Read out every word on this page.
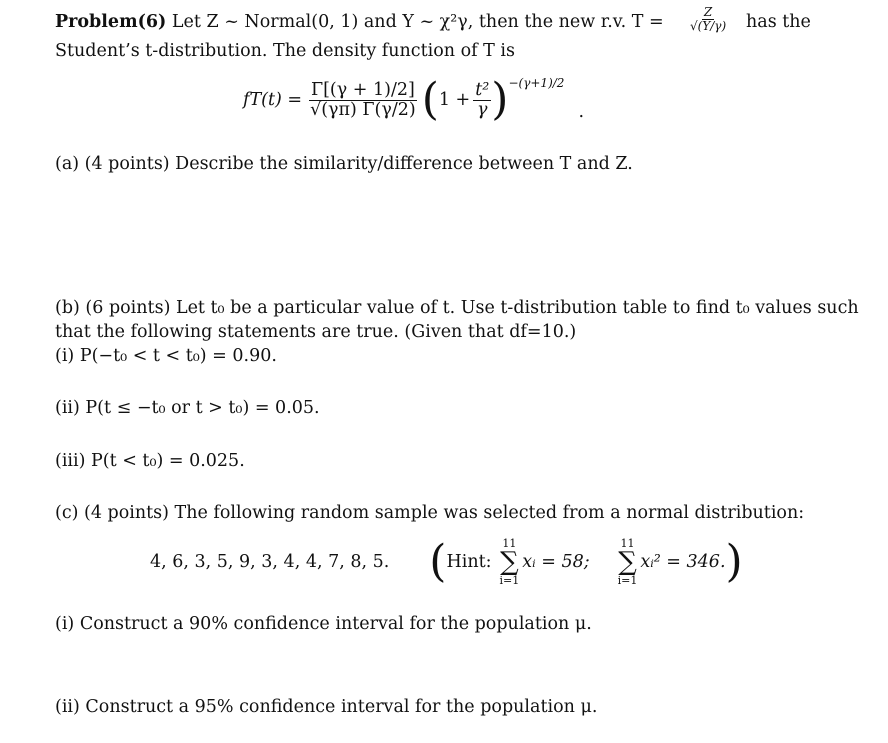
Problem(6) Let Z ~ Normal(0, 1) and Y ~ χ²γ, then the new r.v. $T = \frac{Z}{√(Y/\gamma)}$ has the
Student’s t-distribution. The density function of T is
$fT(t) = \frac{\Gamma[(\gamma + 1)/2]}{√(\gamma\pi) \Gamma(\gamma/2)}$ ( $1 + \frac{\text{t²}}{\gamma}$ ) −(γ+1)/2
.
(a) (4 points) Describe the similarity/difference between T and Z.
(b) (6 points) Let t₀ be a particular value of t. Use t-distribution table to find t₀ values such
that the following statements are true. (Given that df=10.)
(i) P(−t₀ < t < t₀) = 0.90.
(ii) P(t ≤ −t₀ or t > t₀) = 0.05.
(iii) P(t < t₀) = 0.025.
(c) (4 points) The following random sample was selected from a normal distribution:
4, 6, 3, 5, 9, 3, 4, 4, 7, 8, 5. ( Hint:
11
∑
i=1
xᵢ = 58;
11
∑
i=1
xᵢ² = 346. )
(i) Construct a 90% confidence interval for the population μ.
(ii) Construct a 95% confidence interval for the population μ.
